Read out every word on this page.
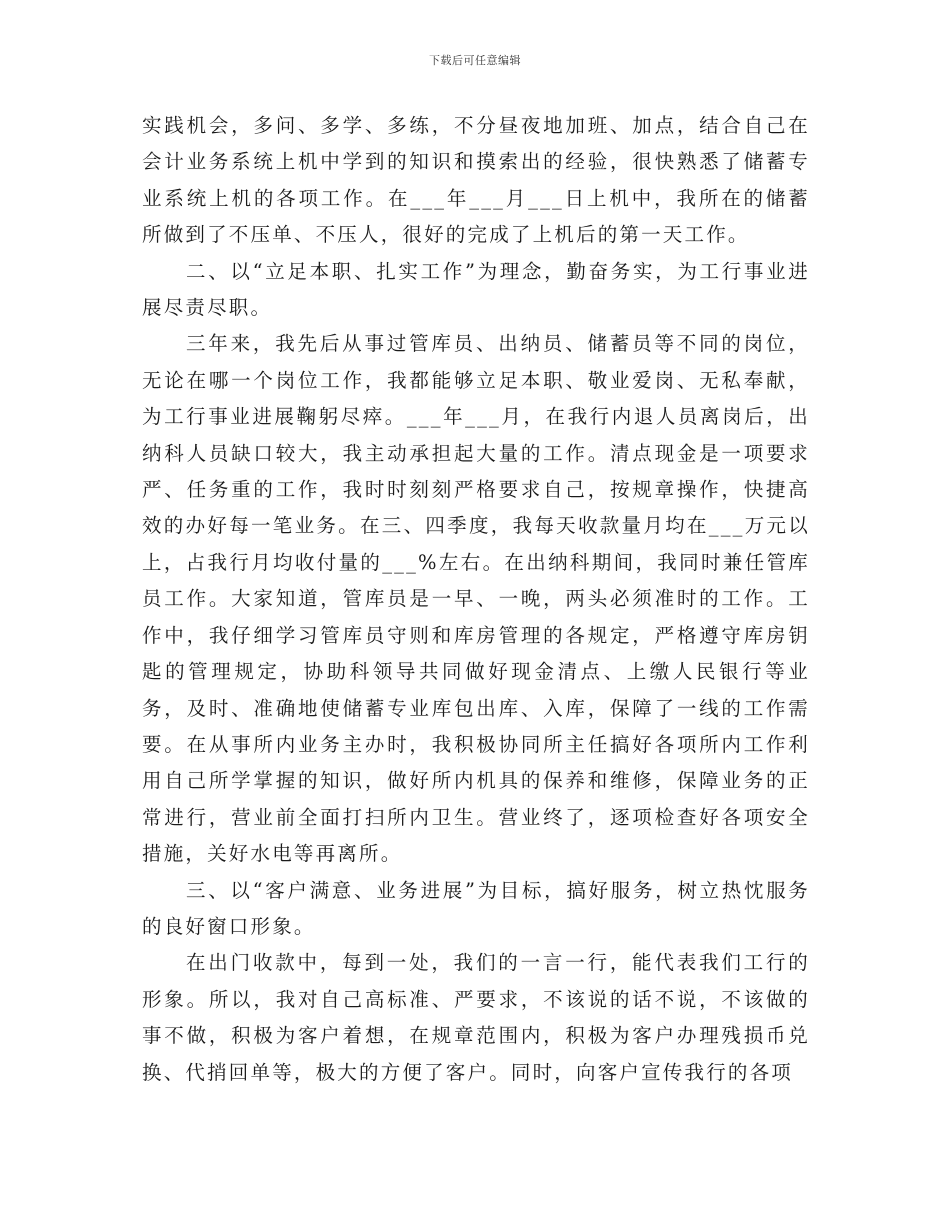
下载后可任意编辑

实践机会，多问、多学、多练，不分昼夜地加班、加点，结合自己在会计业务系统上机中学到的知识和摸索出的经验，很快熟悉了储蓄专业系统上机的各项工作。在___年___月___日上机中，我所在的储蓄所做到了不压单、不压人，很好的完成了上机后的第一天工作。

二、以“立足本职、扎实工作”为理念，勤奋务实，为工行事业进展尽责尽职。

三年来，我先后从事过管库员、出纳员、储蓄员等不同的岗位，无论在哪一个岗位工作，我都能够立足本职、敬业爱岗、无私奉献，为工行事业进展鞠躬尽瘁。___年___月，在我行内退人员离岗后，出纳科人员缺口较大，我主动承担起大量的工作。清点现金是一项要求严、任务重的工作，我时时刻刻严格要求自己，按规章操作，快捷高效的办好每一笔业务。在三、四季度，我每天收款量月均在___万元以上，占我行月均收付量的___%左右。在出纳科期间，我同时兼任管库员工作。大家知道，管库员是一早、一晚，两头必须准时的工作。工作中，我仔细学习管库员守则和库房管理的各规定，严格遵守库房钥匙的管理规定，协助科领导共同做好现金清点、上缴人民银行等业务，及时、准确地使储蓄专业库包出库、入库，保障了一线的工作需要。在从事所内业务主办时，我积极协同所主任搞好各项所内工作利用自己所学掌握的知识，做好所内机具的保养和维修，保障业务的正常进行，营业前全面打扫所内卫生。营业终了，逐项检查好各项安全措施，关好水电等再离所。

三、以“客户满意、业务进展”为目标，搞好服务，树立热忱服务的良好窗口形象。

在出门收款中，每到一处，我们的一言一行，能代表我们工行的形象。所以，我对自己高标准、严要求，不该说的话不说，不该做的事不做，积极为客户着想，在规章范围内，积极为客户办理残损币兑换、代捎回单等，极大的方便了客户。同时，向客户宣传我行的各项
